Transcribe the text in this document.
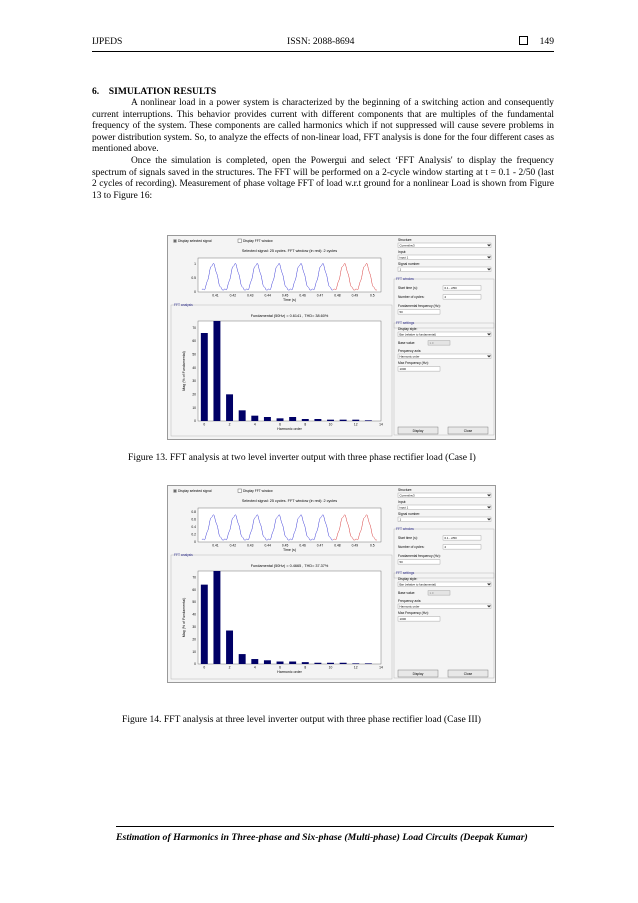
IJPEDS	ISSN: 2088-8694	149
6. SIMULATION RESULTS

A nonlinear load in a power system is characterized by the beginning of a switching action and consequently current interruptions. This behavior provides current with different components that are multiples of the fundamental frequency of the system. These components are called harmonics which if not suppressed will cause severe problems in power distribution system. So, to analyze the effects of non-linear load, FFT analysis is done for the four different cases as mentioned above.

Once the simulation is completed, open the Powergui and select ‘FFT Analysis' to display the frequency spectrum of signals saved in the structures. The FFT will be performed on a 2-cycle window starting at t = 0.1 - 2/50 (last 2 cycles of recording). Measurement of phase voltage FFT of load w.r.t ground for a nonlinear Load is shown from Figure 13 to Figure 16:

Display selected signal	Display FFT window
Selected signal: 25 cycles. FFT window (in red): 2 cycles
1
0.5
0
0.41	0.42	0.43	0.44	0.45	0.46	0.47	0.48	0.49	0.5
Time (s)
FFT analysis
Fundamental (50Hz) = 0.6141 , THD= 38.60%
70
60
50
40
30
20
10
0
0	2	4	6	8	10	12	14
Harmonic order
Mag (% of Fundamental)
Structure:
CurrentInv3
Input:
input 1
Signal number:
1
FFT window
Start time (s):	0.1 - 2/50
Number of cycles:	2
Fundamental frequency (Hz):
50
FFT settings
Display style:
Bar (relative to fundamental)
Base value:	1.0
Frequency axis:
Harmonic order
Max Frequency (Hz):
1000
Display	Close
Figure 13. FFT analysis at two level inverter output with three phase rectifier load (Case I)
Display selected signal	Display FFT window
Selected signal: 25 cycles. FFT window (in red): 2 cycles
0.8
0.6
0.4
0.2
0
0.41	0.42	0.43	0.44	0.45	0.46	0.47	0.48	0.49	0.5
Time (s)
FFT analysis
Fundamental (50Hz) = 0.4665 , THD= 37.37%
70
60
50
40
30
20
10
0
0	2	4	6	8	10	12	14
Harmonic order
Mag (% of Fundamental)
Structure:
CurrentInv3
Input:
input 1
Signal number:
1
FFT window
Start time (s):	0.1 - 2/50
Number of cycles:	2
Fundamental frequency (Hz):
50
FFT settings
Display style:
Bar (relative to fundamental)
Base value:	1.0
Frequency axis:
Harmonic order
Max Frequency (Hz):
1000
Display	Close
Figure 14. FFT analysis at three level inverter output with three phase rectifier load (Case III)
Estimation of Harmonics in Three-phase and Six-phase (Multi-phase) Load Circuits (Deepak Kumar)
